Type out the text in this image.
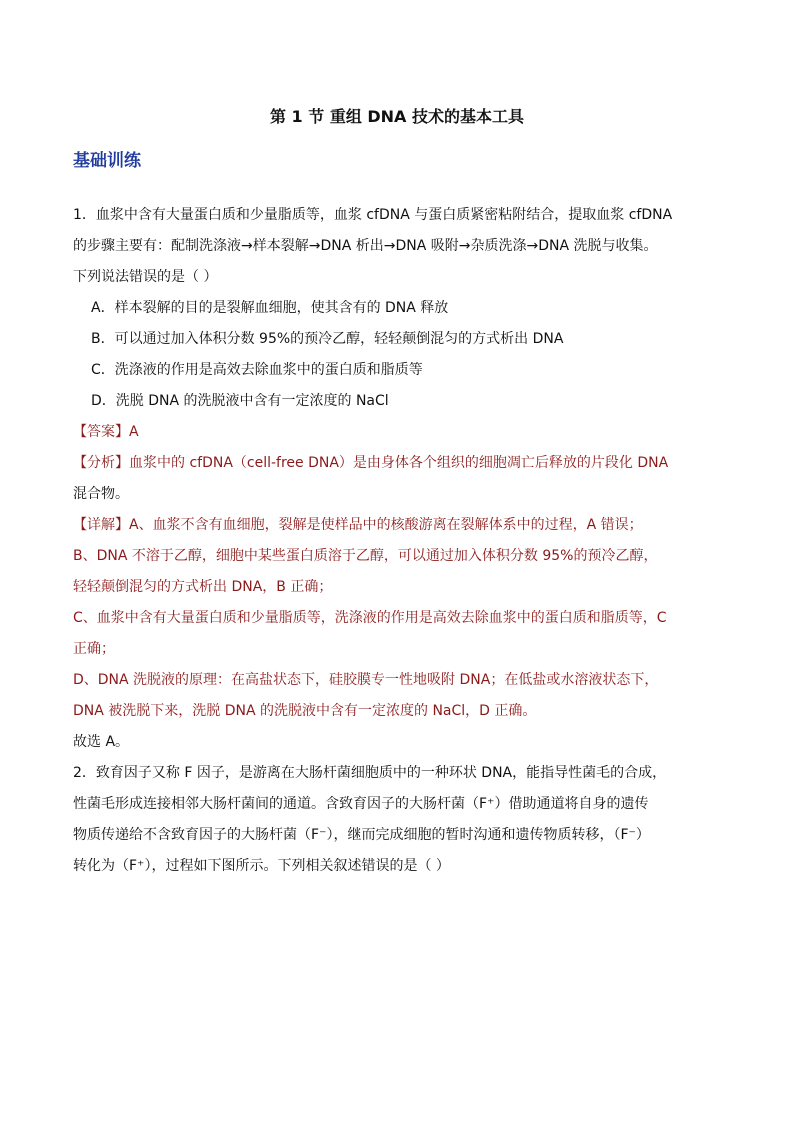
第 1 节 重组 DNA 技术的基本工具
基础训练
1．血浆中含有大量蛋白质和少量脂质等，血浆 cfDNA 与蛋白质紧密粘附结合，提取血浆 cfDNA
的步骤主要有：配制洗涤液→样本裂解→DNA 析出→DNA 吸附→杂质洗涤→DNA 洗脱与收集。
下列说法错误的是（ ）
A．样本裂解的目的是裂解血细胞，使其含有的 DNA 释放
B．可以通过加入体积分数 95%的预冷乙醇，轻轻颠倒混匀的方式析出 DNA
C．洗涤液的作用是高效去除血浆中的蛋白质和脂质等
D．洗脱 DNA 的洗脱液中含有一定浓度的 NaCl
【答案】A
【分析】血浆中的 cfDNA（cell-free DNA）是由身体各个组织的细胞凋亡后释放的片段化 DNA
混合物。
【详解】A、血浆不含有血细胞，裂解是使样品中的核酸游离在裂解体系中的过程，A 错误；
B、DNA 不溶于乙醇，细胞中某些蛋白质溶于乙醇，可以通过加入体积分数 95%的预冷乙醇，
轻轻颠倒混匀的方式析出 DNA，B 正确；
C、血浆中含有大量蛋白质和少量脂质等，洗涤液的作用是高效去除血浆中的蛋白质和脂质等，C
正确；
D、DNA 洗脱液的原理：在高盐状态下，硅胶膜专一性地吸附 DNA；在低盐或水溶液状态下，
DNA 被洗脱下来，洗脱 DNA 的洗脱液中含有一定浓度的 NaCl，D 正确。
故选 A。
2．致育因子又称 F 因子，是游离在大肠杆菌细胞质中的一种环状 DNA，能指导性菌毛的合成，
性菌毛形成连接相邻大肠杆菌间的通道。含致育因子的大肠杆菌（F⁺）借助通道将自身的遗传
物质传递给不含致育因子的大肠杆菌（F⁻），继而完成细胞的暂时沟通和遗传物质转移，（F⁻）
转化为（F⁺），过程如下图所示。下列相关叙述错误的是（ ）
